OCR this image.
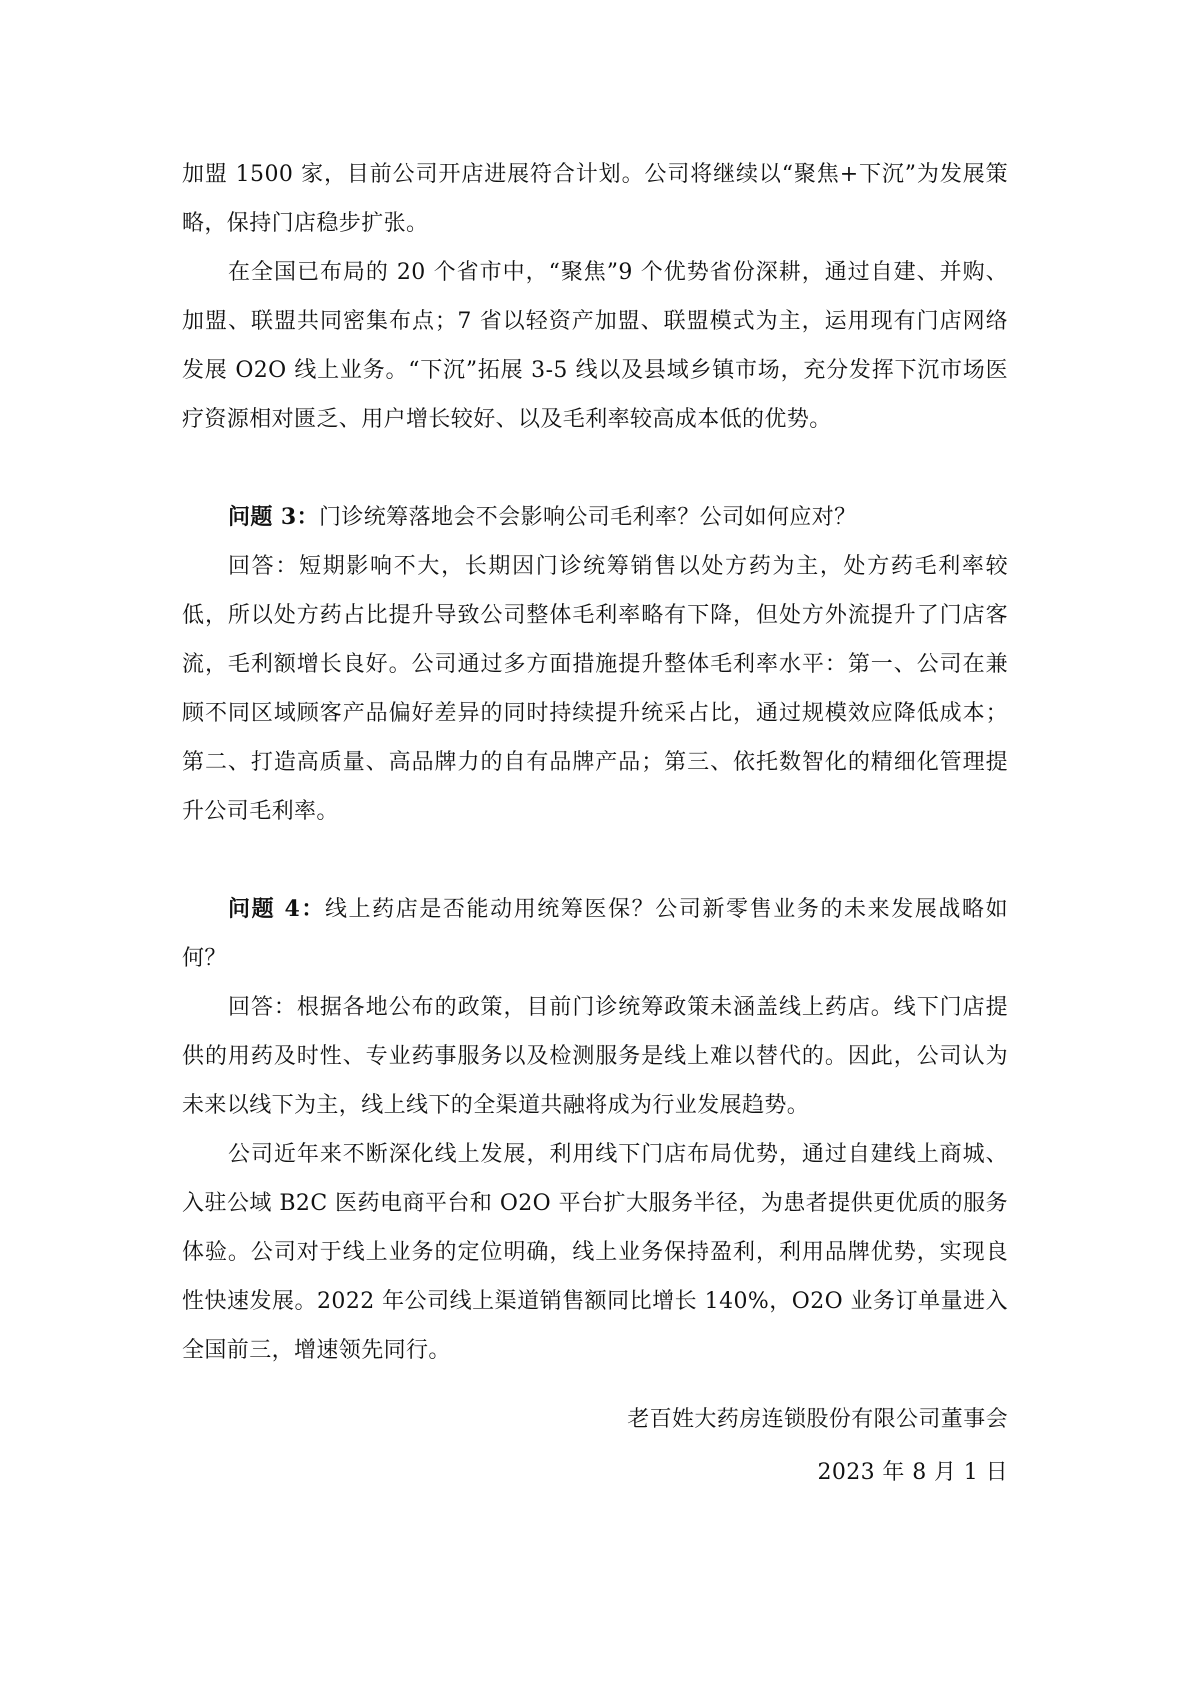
加盟 1500 家，目前公司开店进展符合计划。公司将继续以“聚焦+下沉”为发展策略，保持门店稳步扩张。

在全国已布局的 20 个省市中，“聚焦”9 个优势省份深耕，通过自建、并购、加盟、联盟共同密集布点；7 省以轻资产加盟、联盟模式为主，运用现有门店网络发展 O2O 线上业务。“下沉”拓展 3-5 线以及县域乡镇市场，充分发挥下沉市场医疗资源相对匮乏、用户增长较好、以及毛利率较高成本低的优势。

问题 3：门诊统筹落地会不会影响公司毛利率？公司如何应对？

回答：短期影响不大，长期因门诊统筹销售以处方药为主，处方药毛利率较低，所以处方药占比提升导致公司整体毛利率略有下降，但处方外流提升了门店客流，毛利额增长良好。公司通过多方面措施提升整体毛利率水平：第一、公司在兼顾不同区域顾客产品偏好差异的同时持续提升统采占比，通过规模效应降低成本；第二、打造高质量、高品牌力的自有品牌产品；第三、依托数智化的精细化管理提升公司毛利率。

问题 4：线上药店是否能动用统筹医保？公司新零售业务的未来发展战略如何？

回答：根据各地公布的政策，目前门诊统筹政策未涵盖线上药店。线下门店提供的用药及时性、专业药事服务以及检测服务是线上难以替代的。因此，公司认为未来以线下为主，线上线下的全渠道共融将成为行业发展趋势。

公司近年来不断深化线上发展，利用线下门店布局优势，通过自建线上商城、入驻公域 B2C 医药电商平台和 O2O 平台扩大服务半径，为患者提供更优质的服务体验。公司对于线上业务的定位明确，线上业务保持盈利，利用品牌优势，实现良性快速发展。2022 年公司线上渠道销售额同比增长 140%，O2O 业务订单量进入全国前三，增速领先同行。

老百姓大药房连锁股份有限公司董事会

2023 年 8 月 1 日
